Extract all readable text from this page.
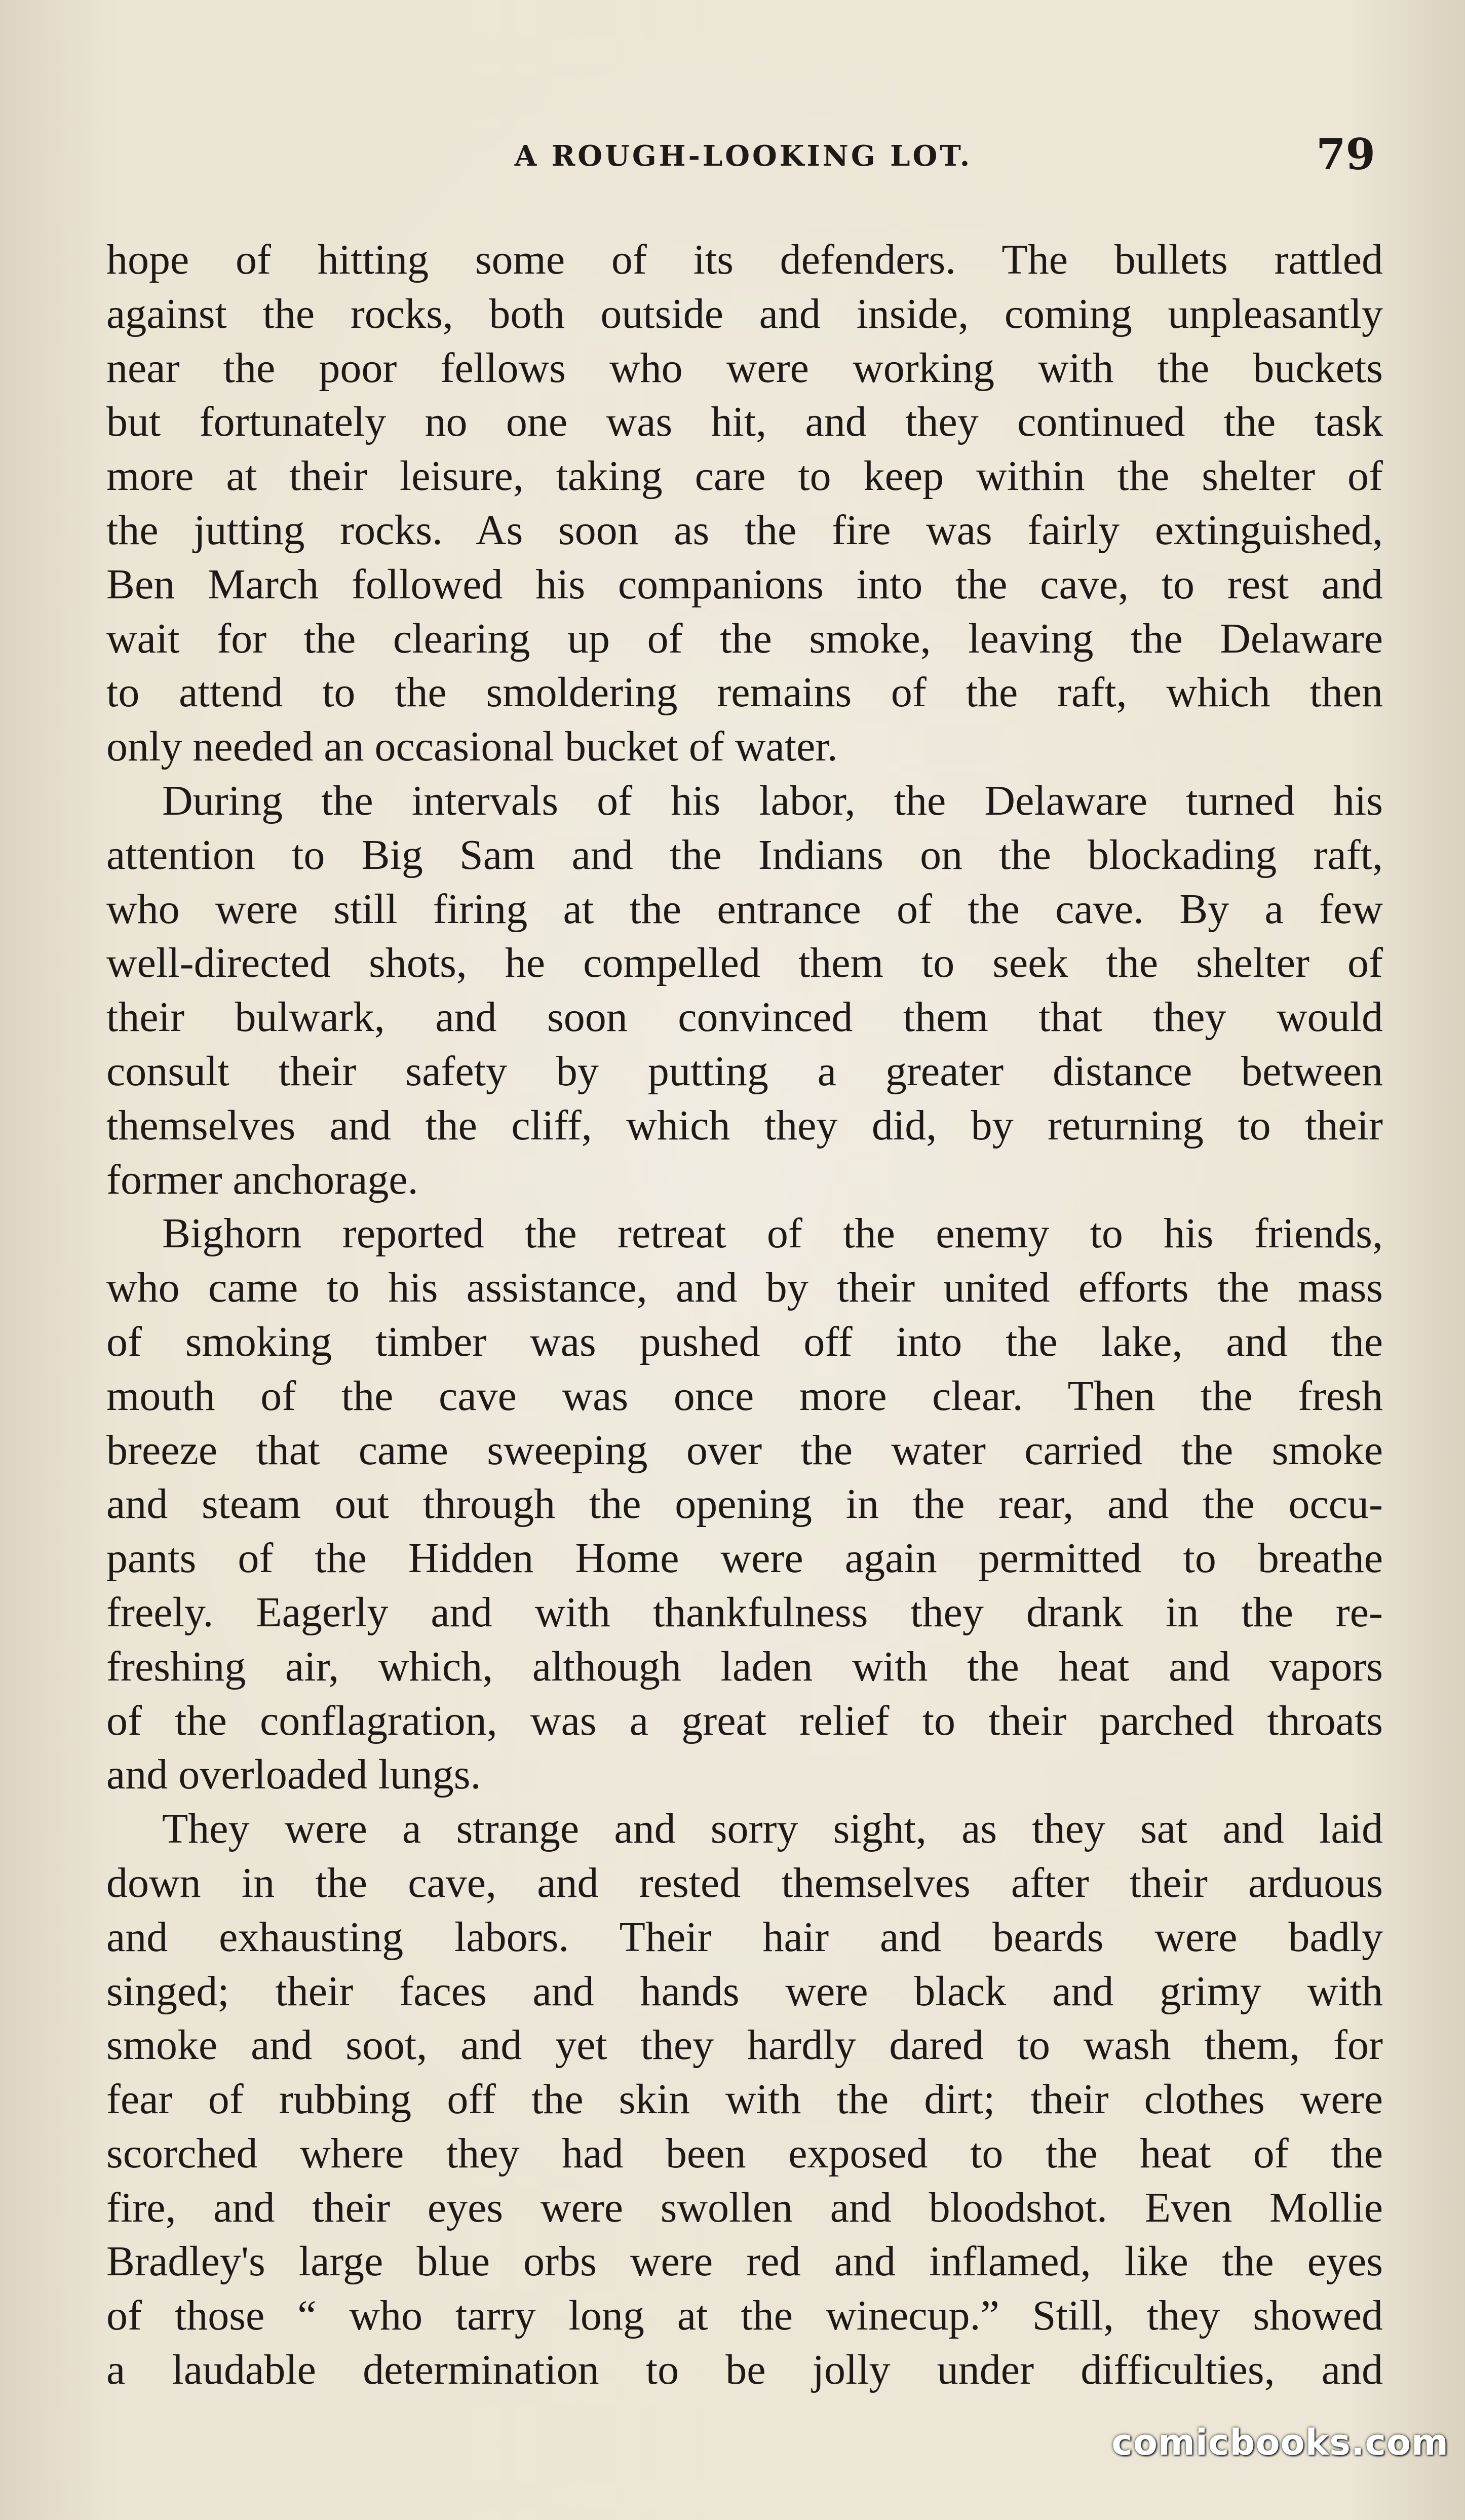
A ROUGH-LOOKING LOT.	79
hope of hitting some of its defenders. The bullets rattled
against the rocks, both outside and inside, coming unpleasantly
near the poor fellows who were working with the buckets
but fortunately no one was hit, and they continued the task
more at their leisure, taking care to keep within the shelter of
the jutting rocks. As soon as the fire was fairly extinguished,
Ben March followed his companions into the cave, to rest and
wait for the clearing up of the smoke, leaving the Delaware
to attend to the smoldering remains of the raft, which then
only needed an occasional bucket of water.
During the intervals of his labor, the Delaware turned his
attention to Big Sam and the Indians on the blockading raft,
who were still firing at the entrance of the cave. By a few
well-directed shots, he compelled them to seek the shelter of
their bulwark, and soon convinced them that they would
consult their safety by putting a greater distance between
themselves and the cliff, which they did, by returning to their
former anchorage.
Bighorn reported the retreat of the enemy to his friends,
who came to his assistance, and by their united efforts the mass
of smoking timber was pushed off into the lake, and the
mouth of the cave was once more clear. Then the fresh
breeze that came sweeping over the water carried the smoke
and steam out through the opening in the rear, and the occu-
pants of the Hidden Home were again permitted to breathe
freely. Eagerly and with thankfulness they drank in the re-
freshing air, which, although laden with the heat and vapors
of the conflagration, was a great relief to their parched throats
and overloaded lungs.
They were a strange and sorry sight, as they sat and laid
down in the cave, and rested themselves after their arduous
and exhausting labors. Their hair and beards were badly
singed; their faces and hands were black and grimy with
smoke and soot, and yet they hardly dared to wash them, for
fear of rubbing off the skin with the dirt; their clothes were
scorched where they had been exposed to the heat of the
fire, and their eyes were swollen and bloodshot. Even Mollie
Bradley's large blue orbs were red and inflamed, like the eyes
of those “ who tarry long at the winecup.” Still, they showed
a laudable determination to be jolly under difficulties, and
comicbooks.com
